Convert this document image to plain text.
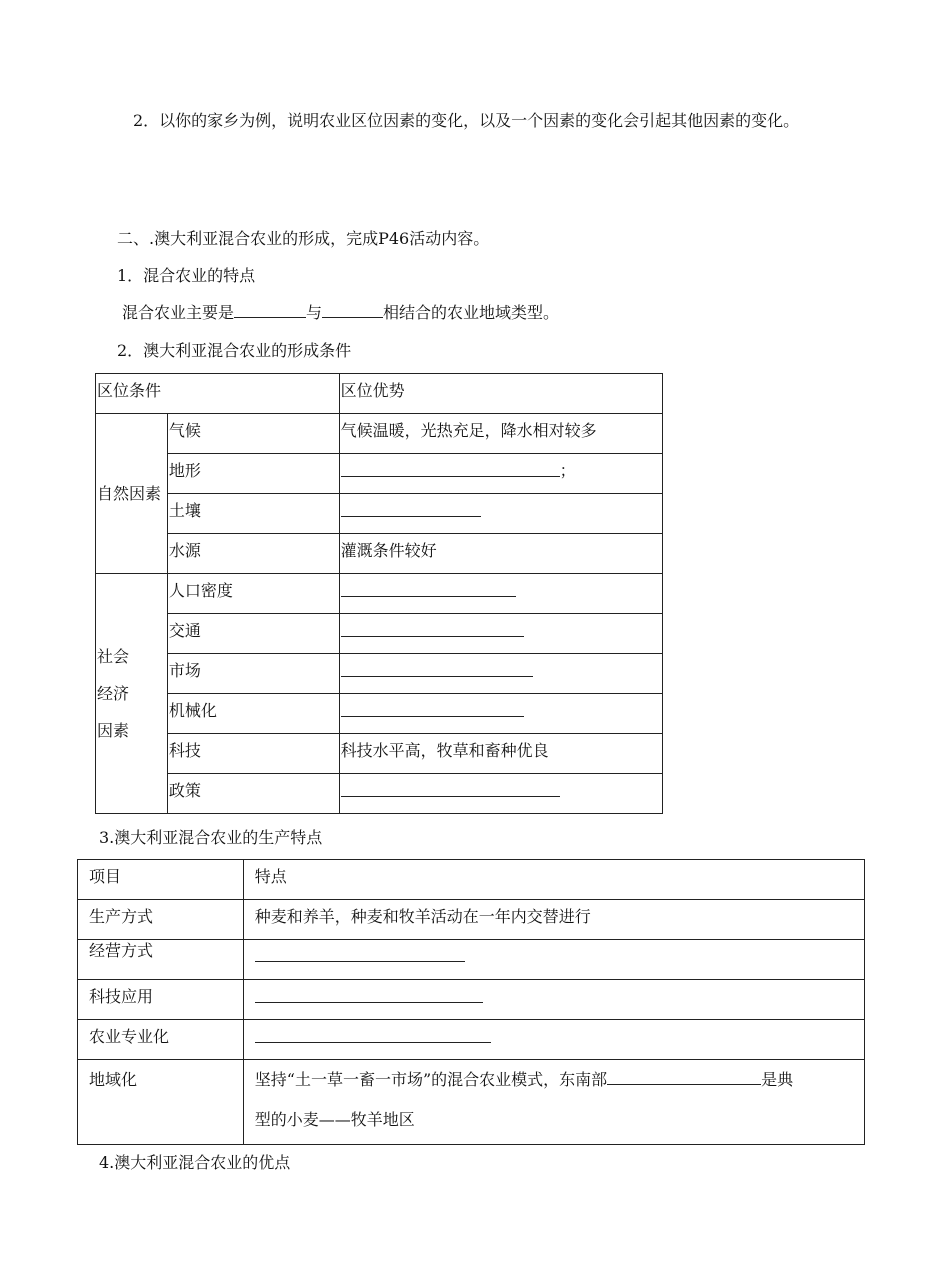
2．以你的家乡为例，说明农业区位因素的变化，以及一个因素的变化会引起其他因素的变化。
二、.澳大利亚混合农业的形成，完成P46活动内容。
1．混合农业的特点
混合农业主要是	与	相结合的农业地域类型。
2．澳大利亚混合农业的形成条件
区位条件		区位优势
自然因素	气候	气候温暖，光热充足，降水相对较多
	地形	；

	土壤	

	水源	灌溉条件较好
社会
经济
因素	人口密度	

	交通	

	市场	

	机械化	

	科技	科技水平高，牧草和畜种优良
	政策	
3.澳大利亚混合农业的生产特点
项目	特点
生产方式	种麦和养羊，种麦和牧羊活动在一年内交替进行
经营方式	

科技应用	

农业专业化	

地域化	坚持“土一草一畜一市场”的混合农业模式，东南部 是典
型的小麦——牧羊地区
4.澳大利亚混合农业的优点
